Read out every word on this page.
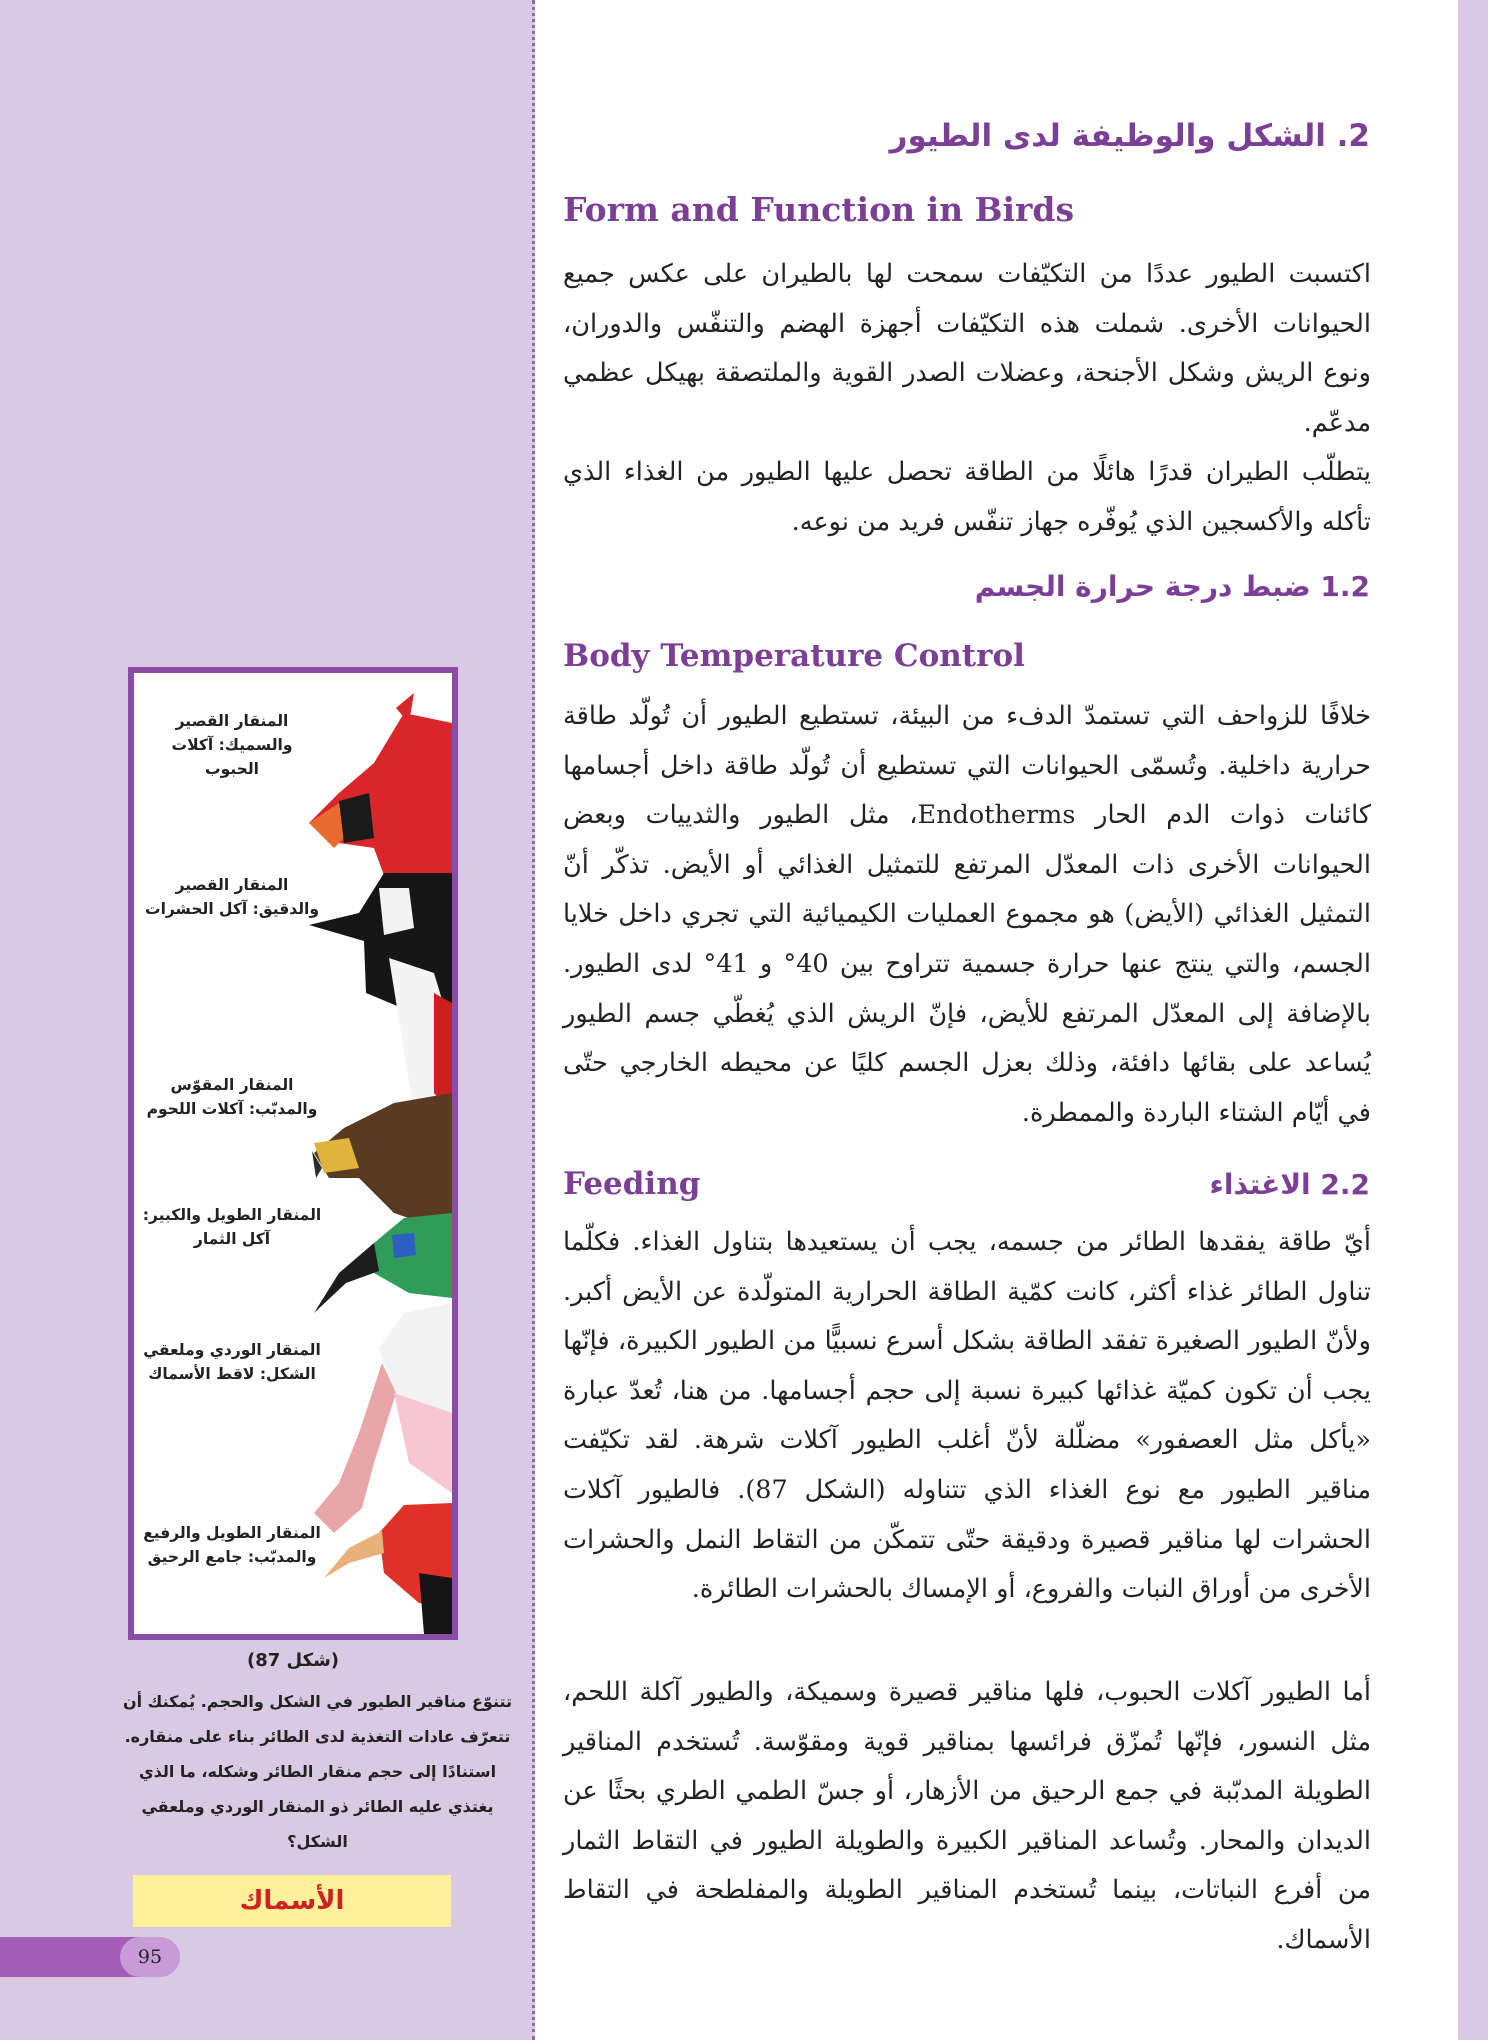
2. الشكل والوظيفة لدى الطيور
Form and Function in Birds
اكتسبت الطيور عددًا من التكيّفات سمحت لها بالطيران على عكس جميع الحيوانات الأخرى. شملت هذه التكيّفات أجهزة الهضم والتنفّس والدوران، ونوع الريش وشكل الأجنحة، وعضلات الصدر القوية والملتصقة بهيكل عظمي مدعّم.
يتطلّب الطيران قدرًا هائلًا من الطاقة تحصل عليها الطيور من الغذاء الذي تأكله والأكسجين الذي يُوفّره جهاز تنفّس فريد من نوعه.
1.2 ضبط درجة حرارة الجسم
Body Temperature Control
خلافًا للزواحف التي تستمدّ الدفء من البيئة، تستطيع الطيور أن تُولّد طاقة حرارية داخلية. وتُسمّى الحيوانات التي تستطيع أن تُولّد طاقة داخل أجسامها كائنات ذوات الدم الحار Endotherms، مثل الطيور والثدييات وبعض الحيوانات الأخرى ذات المعدّل المرتفع للتمثيل الغذائي أو الأيض. تذكّر أنّ التمثيل الغذائي (الأيض) هو مجموع العمليات الكيميائية التي تجري داخل خلايا الجسم، والتي ينتج عنها حرارة جسمية تتراوح بين 40° و 41° لدى الطيور. بالإضافة إلى المعدّل المرتفع للأيض، فإنّ الريش الذي يُغطّي جسم الطيور يُساعد على بقائها دافئة، وذلك بعزل الجسم كليًا عن محيطه الخارجي حتّى في أيّام الشتاء الباردة والممطرة.
2.2 الاغتذاء
Feeding
أيّ طاقة يفقدها الطائر من جسمه، يجب أن يستعيدها بتناول الغذاء. فكلّما تناول الطائر غذاء أكثر، كانت كمّية الطاقة الحرارية المتولّدة عن الأيض أكبر. ولأنّ الطيور الصغيرة تفقد الطاقة بشكل أسرع نسبيًّا من الطيور الكبيرة، فإنّها يجب أن تكون كميّة غذائها كبيرة نسبة إلى حجم أجسامها. من هنا، تُعدّ عبارة «يأكل مثل العصفور» مضلّلة لأنّ أغلب الطيور آكلات شرهة. لقد تكيّفت مناقير الطيور مع نوع الغذاء الذي تتناوله (الشكل 87). فالطيور آكلات الحشرات لها مناقير قصيرة ودقيقة حتّى تتمكّن من التقاط النمل والحشرات الأخرى من أوراق النبات والفروع، أو الإمساك بالحشرات الطائرة.
أما الطيور آكلات الحبوب، فلها مناقير قصيرة وسميكة، والطيور آكلة اللحم، مثل النسور، فإنّها تُمزّق فرائسها بمناقير قوية ومقوّسة. تُستخدم المناقير الطويلة المدبّبة في جمع الرحيق من الأزهار، أو جسّ الطمي الطري بحثًا عن الديدان والمحار. وتُساعد المناقير الكبيرة والطويلة الطيور في التقاط الثمار من أفرع النباتات، بينما تُستخدم المناقير الطويلة والمفلطحة في التقاط الأسماك.
المنقار القصير والسميك: آكلات الحبوب
المنقار القصير والدقيق: آكل الحشرات
المنقار المقوّس والمدبّب: آكلات اللحوم
المنقار الطويل والكبير: آكل الثمار
المنقار الوردي وملعقي الشكل: لاقط الأسماك
المنقار الطويل والرفيع والمدبّب: جامع الرحيق
(شكل 87)
تتنوّع مناقير الطيور في الشكل والحجم. يُمكنك أن تتعرّف عادات التغذية لدى الطائر بناء على منقاره. استنادًا إلى حجم منقار الطائر وشكله، ما الذي يغتذي عليه الطائر ذو المنقار الوردي وملعقي الشكل؟
الأسماك
95
